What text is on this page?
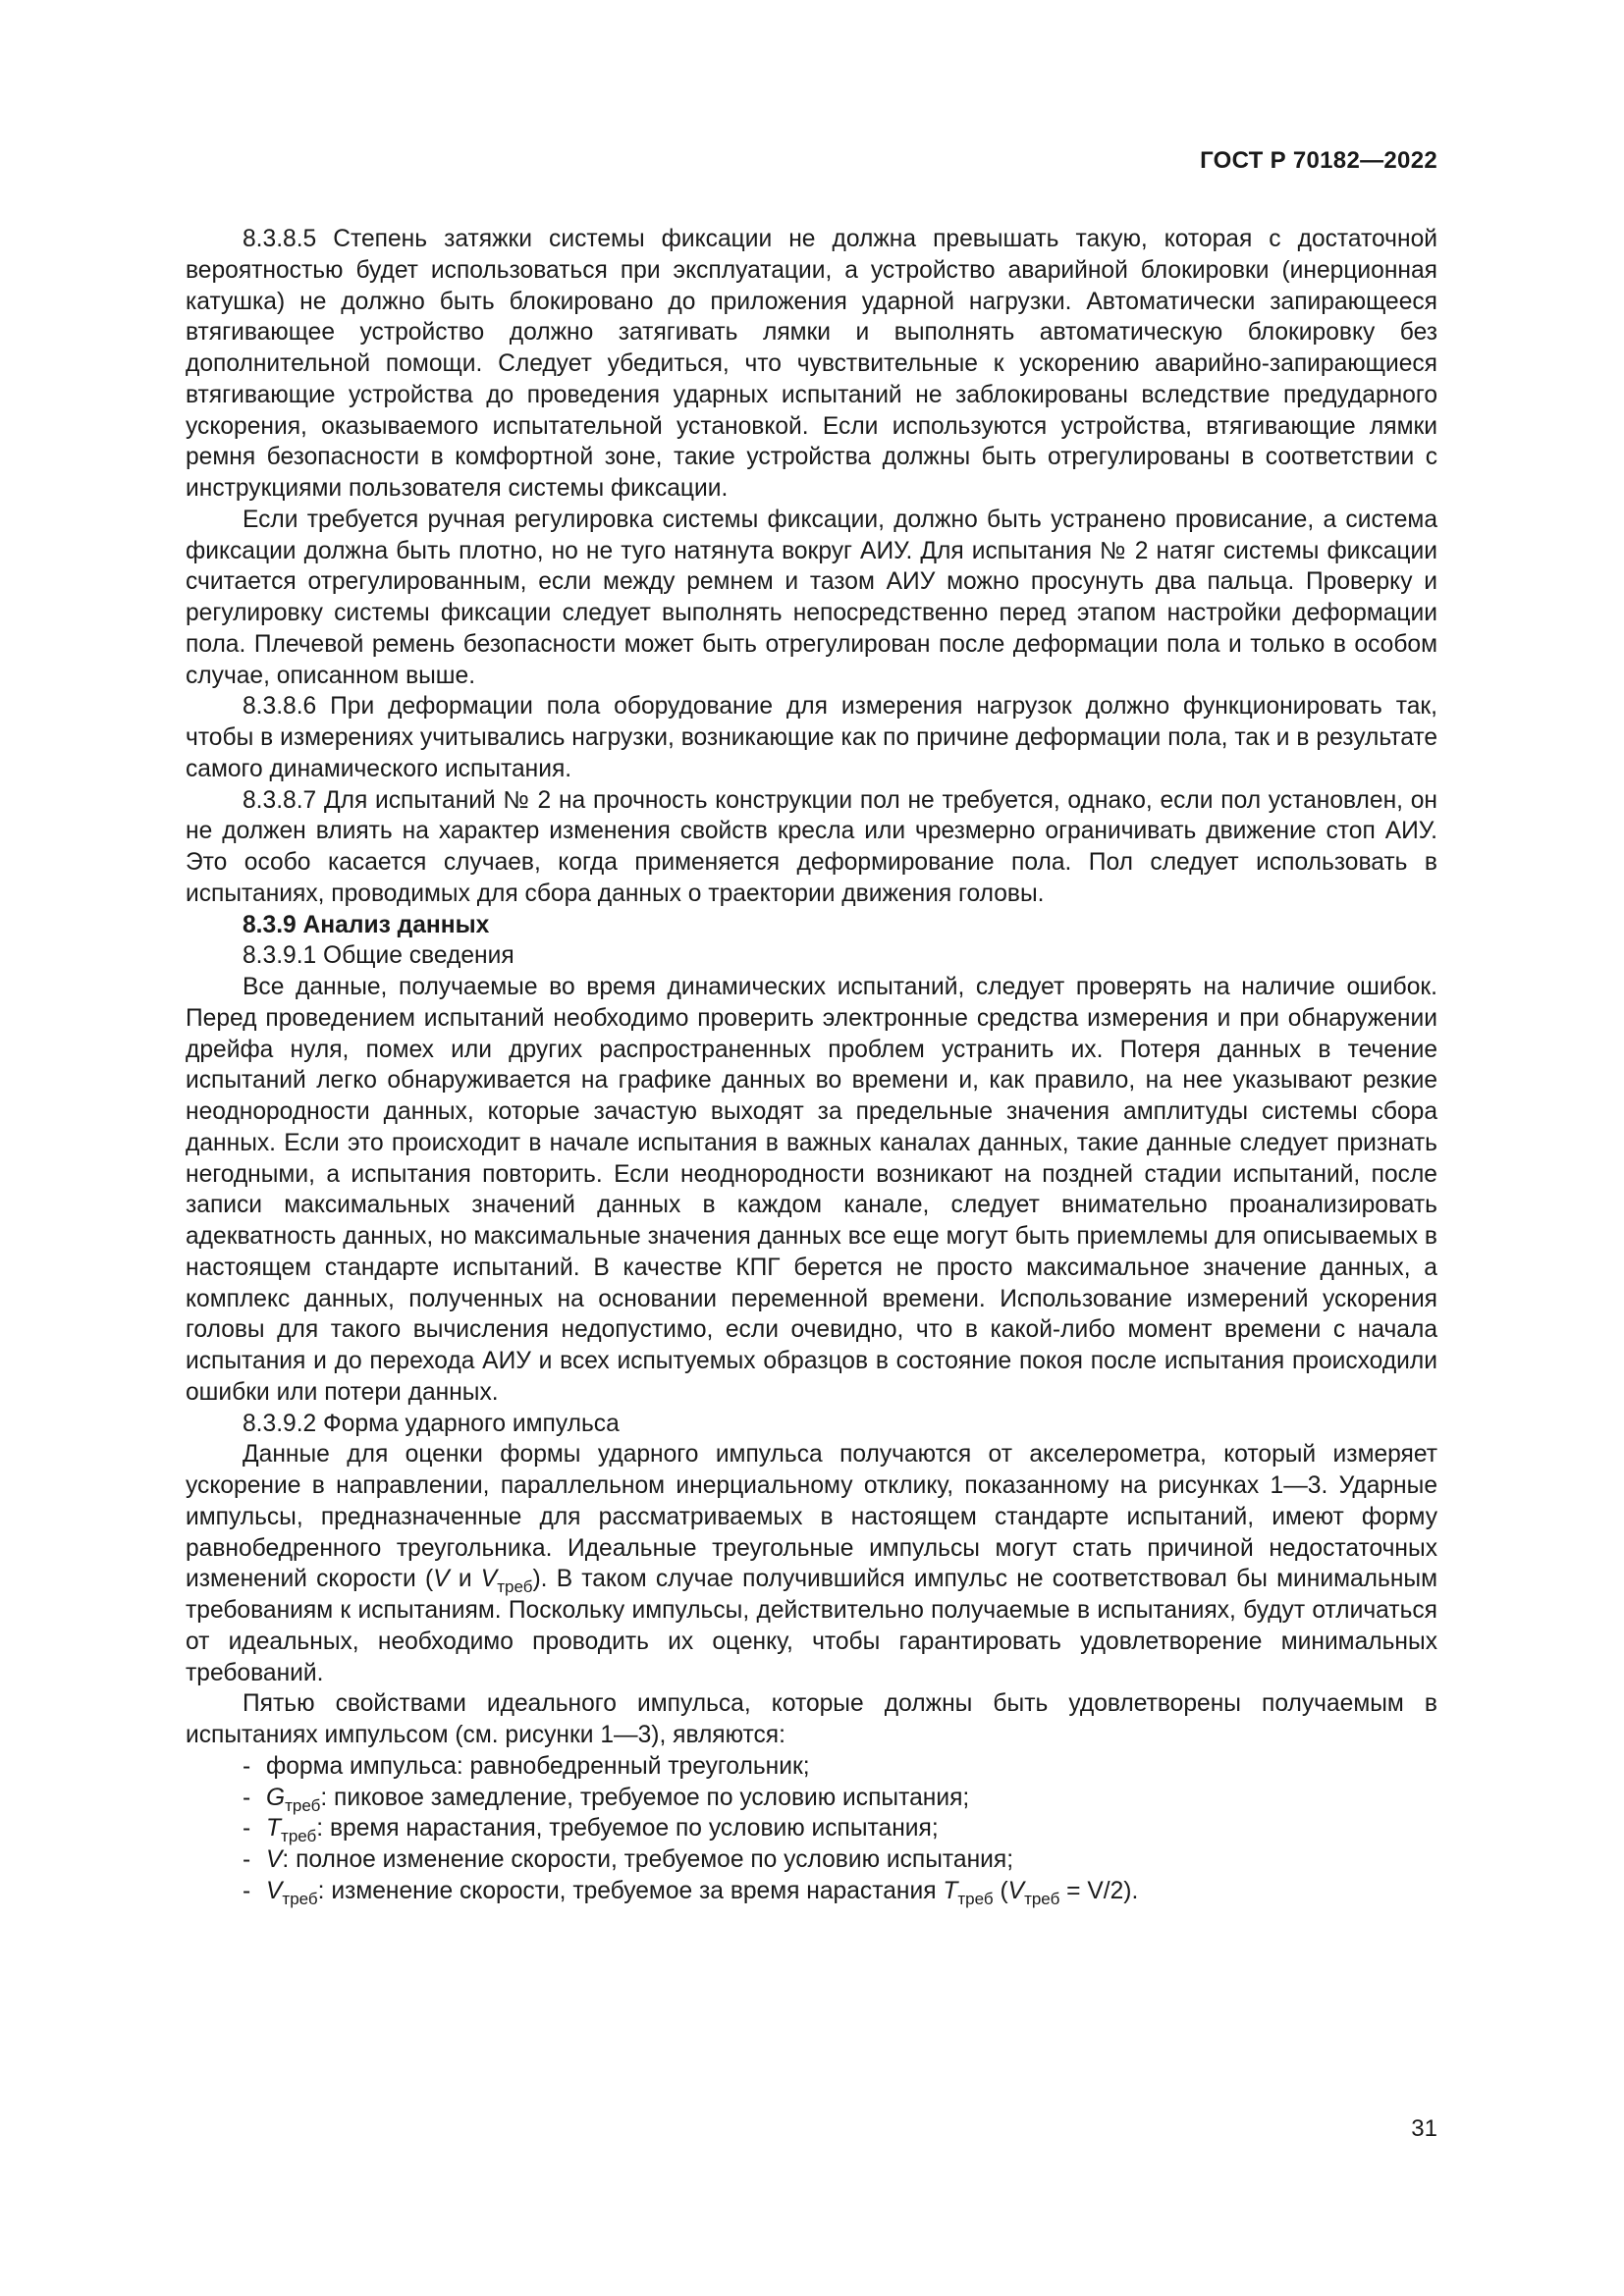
ГОСТ Р 70182—2022

8.3.8.5 Степень затяжки системы фиксации не должна превышать такую, которая с достаточной вероятностью будет использоваться при эксплуатации, а устройство аварийной блокировки (инерционная катушка) не должно быть блокировано до приложения ударной нагрузки. Автоматически запирающееся втягивающее устройство должно затягивать лямки и выполнять автоматическую блокировку без дополнительной помощи. Следует убедиться, что чувствительные к ускорению аварийно-запирающиеся втягивающие устройства до проведения ударных испытаний не заблокированы вследствие предударного ускорения, оказываемого испытательной установкой. Если используются устройства, втягивающие лямки ремня безопасности в комфортной зоне, такие устройства должны быть отрегулированы в соответствии с инструкциями пользователя системы фиксации.

Если требуется ручная регулировка системы фиксации, должно быть устранено провисание, а система фиксации должна быть плотно, но не туго натянута вокруг АИУ. Для испытания № 2 натяг системы фиксации считается отрегулированным, если между ремнем и тазом АИУ можно просунуть два пальца. Проверку и регулировку системы фиксации следует выполнять непосредственно перед этапом настройки деформации пола. Плечевой ремень безопасности может быть отрегулирован после деформации пола и только в особом случае, описанном выше.

8.3.8.6 При деформации пола оборудование для измерения нагрузок должно функционировать так, чтобы в измерениях учитывались нагрузки, возникающие как по причине деформации пола, так и в результате самого динамического испытания.

8.3.8.7 Для испытаний № 2 на прочность конструкции пол не требуется, однако, если пол установлен, он не должен влиять на характер изменения свойств кресла или чрезмерно ограничивать движение стоп АИУ. Это особо касается случаев, когда применяется деформирование пола. Пол следует использовать в испытаниях, проводимых для сбора данных о траектории движения головы.

8.3.9 Анализ данных

8.3.9.1 Общие сведения

Все данные, получаемые во время динамических испытаний, следует проверять на наличие ошибок. Перед проведением испытаний необходимо проверить электронные средства измерения и при обнаружении дрейфа нуля, помех или других распространенных проблем устранить их. Потеря данных в течение испытаний легко обнаруживается на графике данных во времени и, как правило, на нее указывают резкие неоднородности данных, которые зачастую выходят за предельные значения амплитуды системы сбора данных. Если это происходит в начале испытания в важных каналах данных, такие данные следует признать негодными, а испытания повторить. Если неоднородности возникают на поздней стадии испытаний, после записи максимальных значений данных в каждом канале, следует внимательно проанализировать адекватность данных, но максимальные значения данных все еще могут быть приемлемы для описываемых в настоящем стандарте испытаний. В качестве КПГ берется не просто максимальное значение данных, а комплекс данных, полученных на основании переменной времени. Использование измерений ускорения головы для такого вычисления недопустимо, если очевидно, что в какой-либо момент времени с начала испытания и до перехода АИУ и всех испытуемых образцов в состояние покоя после испытания происходили ошибки или потери данных.

8.3.9.2 Форма ударного импульса

Данные для оценки формы ударного импульса получаются от акселерометра, который измеряет ускорение в направлении, параллельном инерциальному отклику, показанному на рисунках 1—3. Ударные импульсы, предназначенные для рассматриваемых в настоящем стандарте испытаний, имеют форму равнобедренного треугольника. Идеальные треугольные импульсы могут стать причиной недостаточных изменений скорости (V и $V_{треб}$). В таком случае получившийся импульс не соответствовал бы минимальным требованиям к испытаниям. Поскольку импульсы, действительно получаемые в испытаниях, будут отличаться от идеальных, необходимо проводить их оценку, чтобы гарантировать удовлетворение минимальных требований.

Пятью свойствами идеального импульса, которые должны быть удовлетворены получаемым в испытаниях импульсом (см. рисунки 1—3), являются:

- форма импульса: равнобедренный треугольник;
- $G_{треб}$: пиковое замедление, требуемое по условию испытания;
- $T_{треб}$: время нарастания, требуемое по условию испытания;
- V: полное изменение скорости, требуемое по условию испытания;
- $V_{треб}$: изменение скорости, требуемое за время нарастания $T_{треб}$ $(V_{треб} = V/2)$.
31
